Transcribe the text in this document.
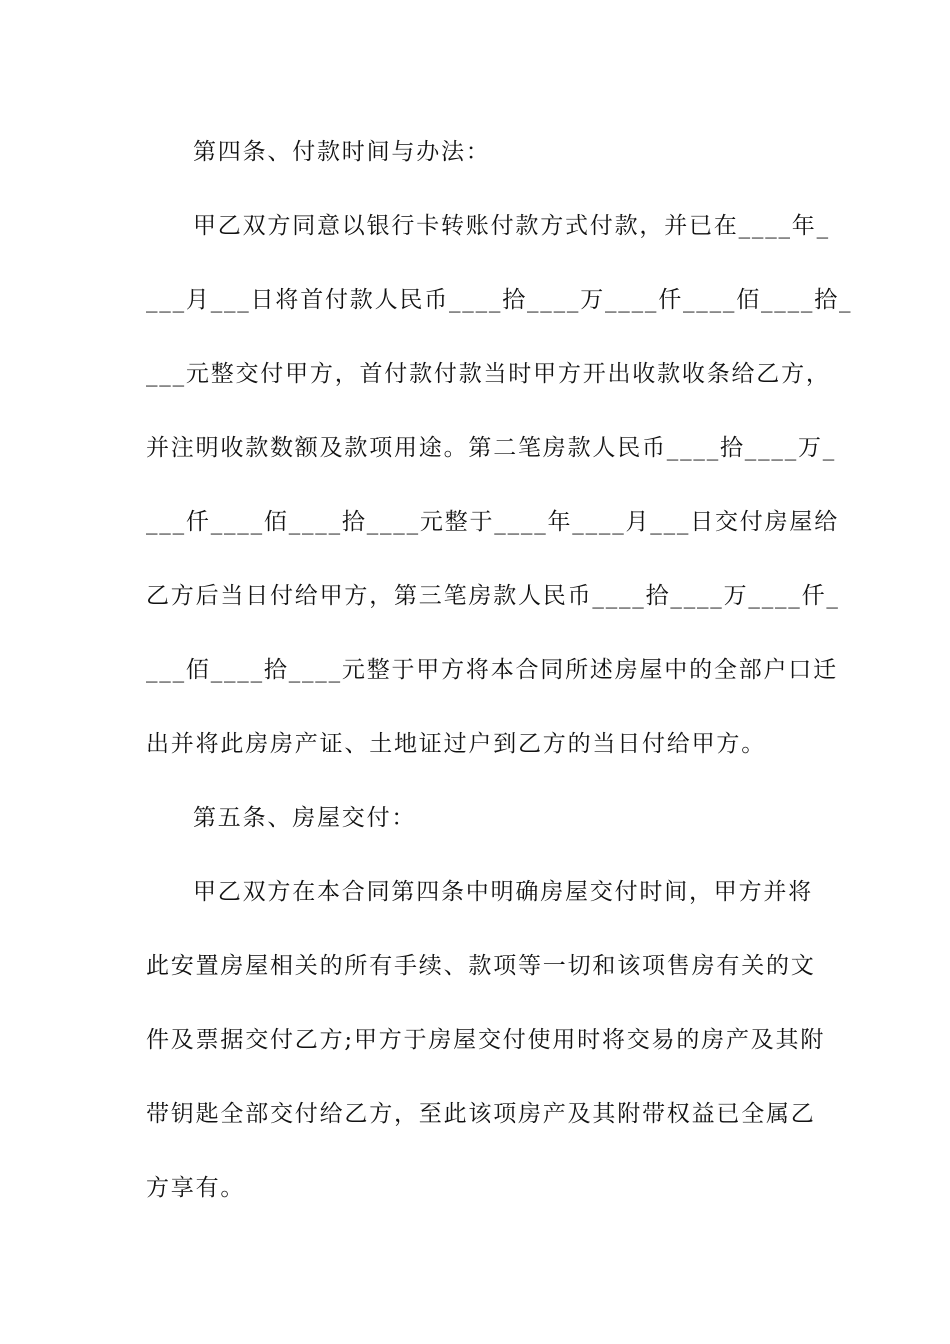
第四条、付款时间与办法：

甲乙双方同意以银行卡转账付款方式付款，并已在____年_

___月___日将首付款人民币____拾____万____仟____佰____拾_

___元整交付甲方，首付款付款当时甲方开出收款收条给乙方，

并注明收款数额及款项用途。第二笔房款人民币____拾____万_

___仟____佰____拾____元整于____年____月___日交付房屋给

乙方后当日付给甲方，第三笔房款人民币____拾____万____仟_

___佰____拾____元整于甲方将本合同所述房屋中的全部户口迁

出并将此房房产证、土地证过户到乙方的当日付给甲方。

第五条、房屋交付：

甲乙双方在本合同第四条中明确房屋交付时间，甲方并将

此安置房屋相关的所有手续、款项等一切和该项售房有关的文

件及票据交付乙方;甲方于房屋交付使用时将交易的房产及其附

带钥匙全部交付给乙方，至此该项房产及其附带权益已全属乙

方享有。
